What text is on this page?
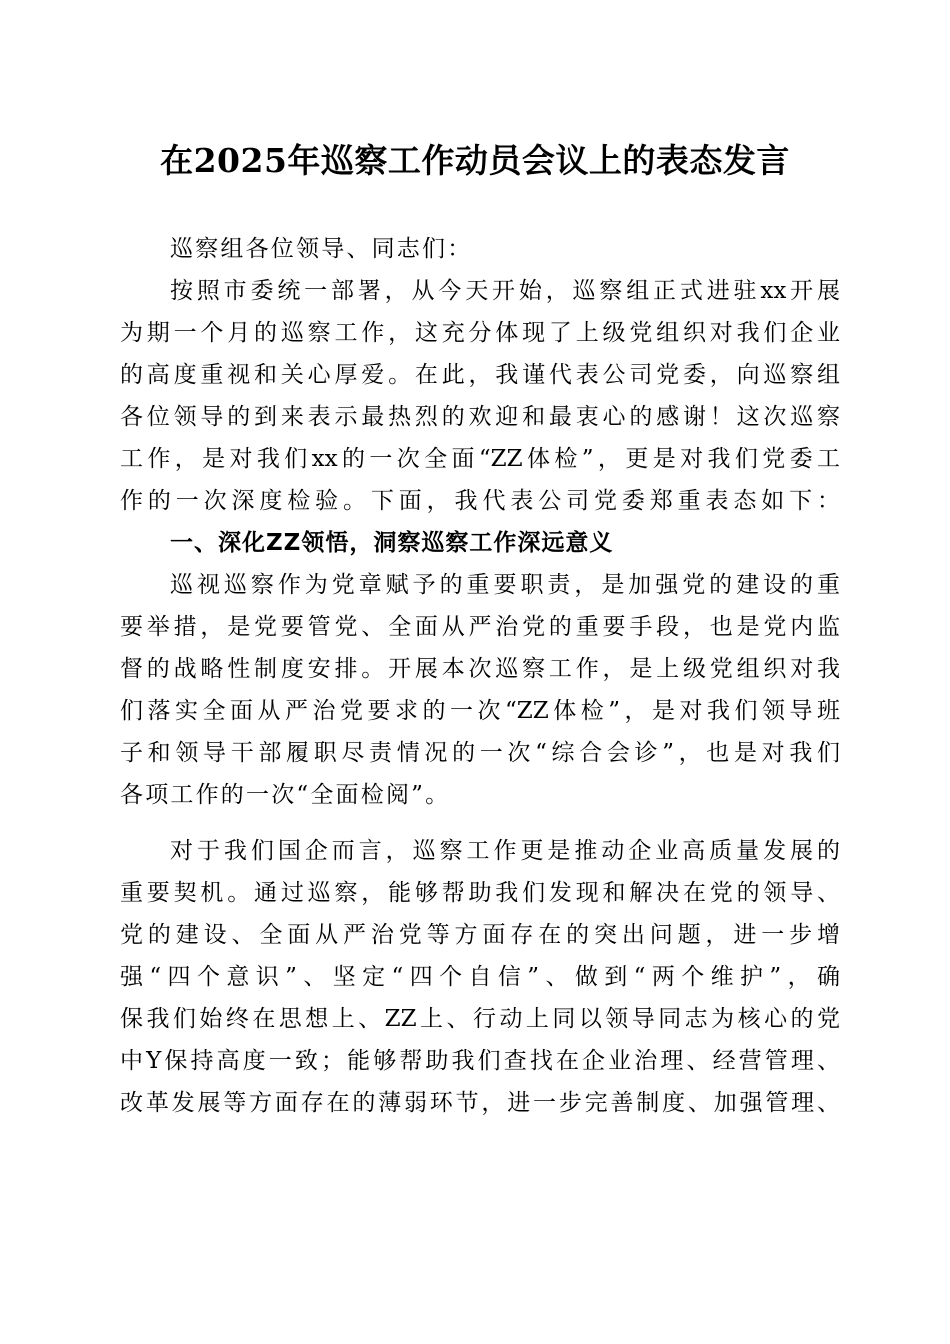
在2025年巡察工作动员会议上的表态发言
巡察组各位领导、同志们：
按照市委统一部署，从今天开始，巡察组正式进驻xx开展
为期一个月的巡察工作，这充分体现了上级党组织对我们企业
的高度重视和关心厚爱。在此，我谨代表公司党委，向巡察组
各位领导的到来表示最热烈的欢迎和最衷心的感谢！这次巡察
工作，是对我们xx的一次全面“ZZ体检”，更是对我们党委工
作的一次深度检验。下面，我代表公司党委郑重表态如下：
一、深化ZZ领悟，洞察巡察工作深远意义
巡视巡察作为党章赋予的重要职责，是加强党的建设的重
要举措，是党要管党、全面从严治党的重要手段，也是党内监
督的战略性制度安排。开展本次巡察工作，是上级党组织对我
们落实全面从严治党要求的一次“ZZ体检”，是对我们领导班
子和领导干部履职尽责情况的一次“综合会诊”，也是对我们
各项工作的一次“全面检阅”。
对于我们国企而言，巡察工作更是推动企业高质量发展的
重要契机。通过巡察，能够帮助我们发现和解决在党的领导、
党的建设、全面从严治党等方面存在的突出问题，进一步增
强“四个意识”、坚定“四个自信”、做到“两个维护”，确
保我们始终在思想上、ZZ上、行动上同以领导同志为核心的党
中Y保持高度一致；能够帮助我们查找在企业治理、经营管理、
改革发展等方面存在的薄弱环节，进一步完善制度、加强管理、
